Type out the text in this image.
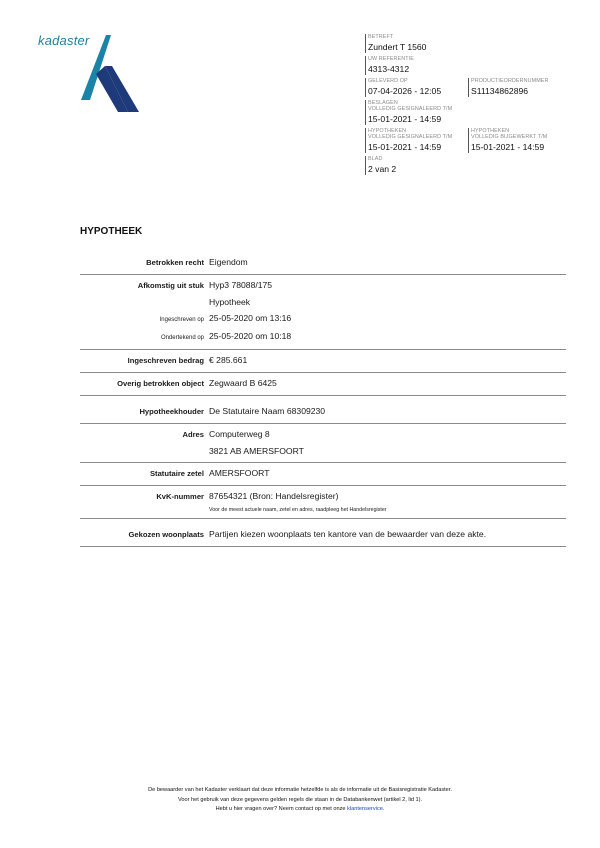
kadaster	BETREFT
Zundert T 1560
UW REFERENTIE
4313-4312
GELEVERD OP
07-04-2026 - 12:05
PRODUCTIEORDERNUMMER
S11134862896
BESLAGEN
VOLLEDIG GESIGNALEERD T/M
15-01-2021 - 14:59
HYPOTHEKEN
VOLLEDIG GESIGNALEERD T/M
15-01-2021 - 14:59
HYPOTHEKEN
VOLLEDIG BIJGEWERKT T/M
15-01-2021 - 14:59
BLAD
2 van 2
HYPOTHEEK
Betrokken recht Eigendom
Afkomstig uit stuk Hyp3 78088/175
Hypotheek
Ingeschreven op 25-05-2020 om 13:16
Ondertekend op 25-05-2020 om 10:18
Ingeschreven bedrag € 285.661
Overig betrokken object Zegwaard B 6425
Hypotheekhouder De Statutaire Naam 68309230
Adres Computerweg 8
3821 AB AMERSFOORT
Statutaire zetel AMERSFOORT
KvK-nummer 87654321 (Bron: Handelsregister)
Voor de meest actuele naam, zetel en adres, raadpleeg het Handelsregister
Gekozen woonplaats Partijen kiezen woonplaats ten kantore van de bewaarder van deze akte.
De bewaarder van het Kadaster verklaart dat deze informatie hetzelfde is als de informatie uit de Basisregistratie Kadaster.
Voor het gebruik van deze gegevens gelden regels die staan in de Databankenwet (artikel 2, lid 1).
Hebt u hier vragen over? Neem contact op met onze klantenservice.
